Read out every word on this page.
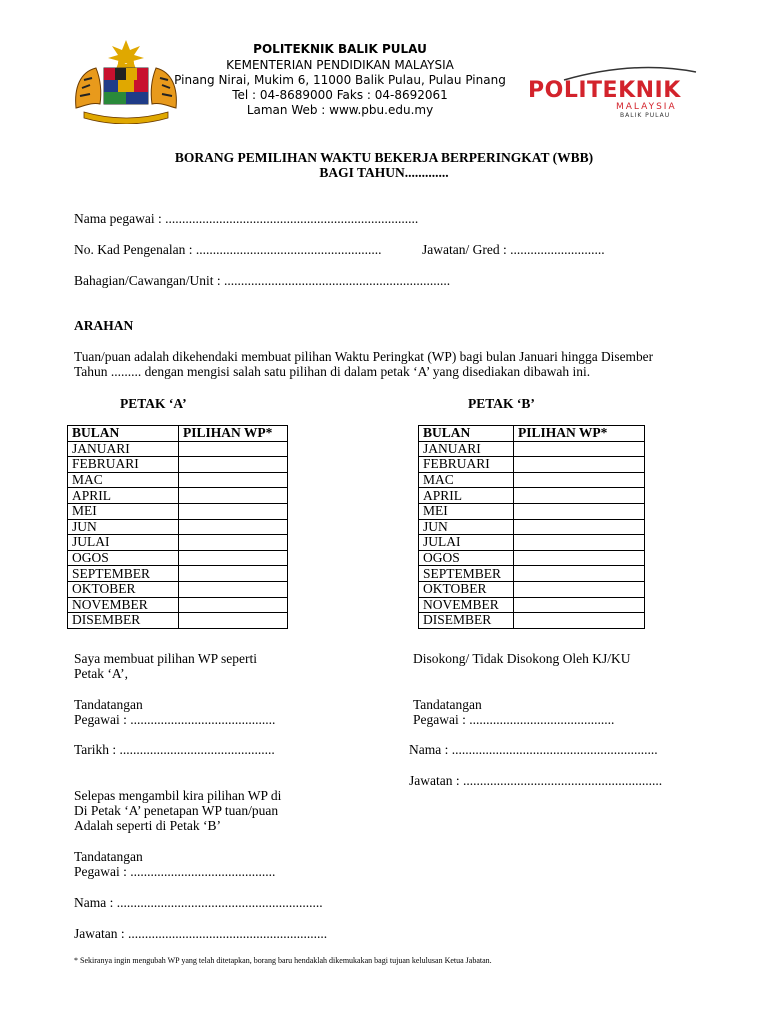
POLITEKNIK BALIK PULAU
KEMENTERIAN PENDIDIKAN MALAYSIA
Pinang Nirai, Mukim 6, 11000 Balik Pulau, Pulau Pinang
Tel : 04-8689000 Faks : 04-8692061
Laman Web : www.pbu.edu.my
POLITEKNIK
MALAYSIA
BALIK PULAU
BORANG PEMILIHAN WAKTU BEKERJA BERPERINGKAT (WBB)
BAGI TAHUN.............
Nama pegawai : ...........................................................................
No. Kad Pengenalan : .......................................................	Jawatan/ Gred : ............................
Bahagian/Cawangan/Unit : ...................................................................
ARAHAN
Tuan/puan adalah dikehendaki membuat pilihan Waktu Peringkat (WP) bagi bulan Januari hingga Disember
Tahun ......... dengan mengisi salah satu pilihan di dalam petak ‘A’ yang disediakan dibawah ini.
PETAK ‘A’	PETAK ‘B’
BULAN	PILIHAN WP*
JANUARI	
FEBRUARI	
MAC	
APRIL	
MEI	
JUN	
JULAI	
OGOS	
SEPTEMBER	
OKTOBER	
NOVEMBER	
DISEMBER	
BULAN	PILIHAN WP*
JANUARI	
FEBRUARI	
MAC	
APRIL	
MEI	
JUN	
JULAI	
OGOS	
SEPTEMBER	
OKTOBER	
NOVEMBER	
DISEMBER	
Saya membuat pilihan WP seperti
Petak ‘A’,
Tandatangan
Pegawai : ...........................................
Tarikh : ..............................................
Selepas mengambil kira pilihan WP di
Di Petak ‘A’ penetapan WP tuan/puan
Adalah seperti di Petak ‘B’
Tandatangan
Pegawai : ...........................................
Nama : .............................................................
Jawatan : ...........................................................
Disokong/ Tidak Disokong Oleh KJ/KU
Tandatangan
Pegawai : ...........................................
Nama : .............................................................
Jawatan : ...........................................................
* Sekiranya ingin mengubah WP yang telah ditetapkan, borang baru hendaklah dikemukakan bagi tujuan kelulusan Ketua Jabatan.
